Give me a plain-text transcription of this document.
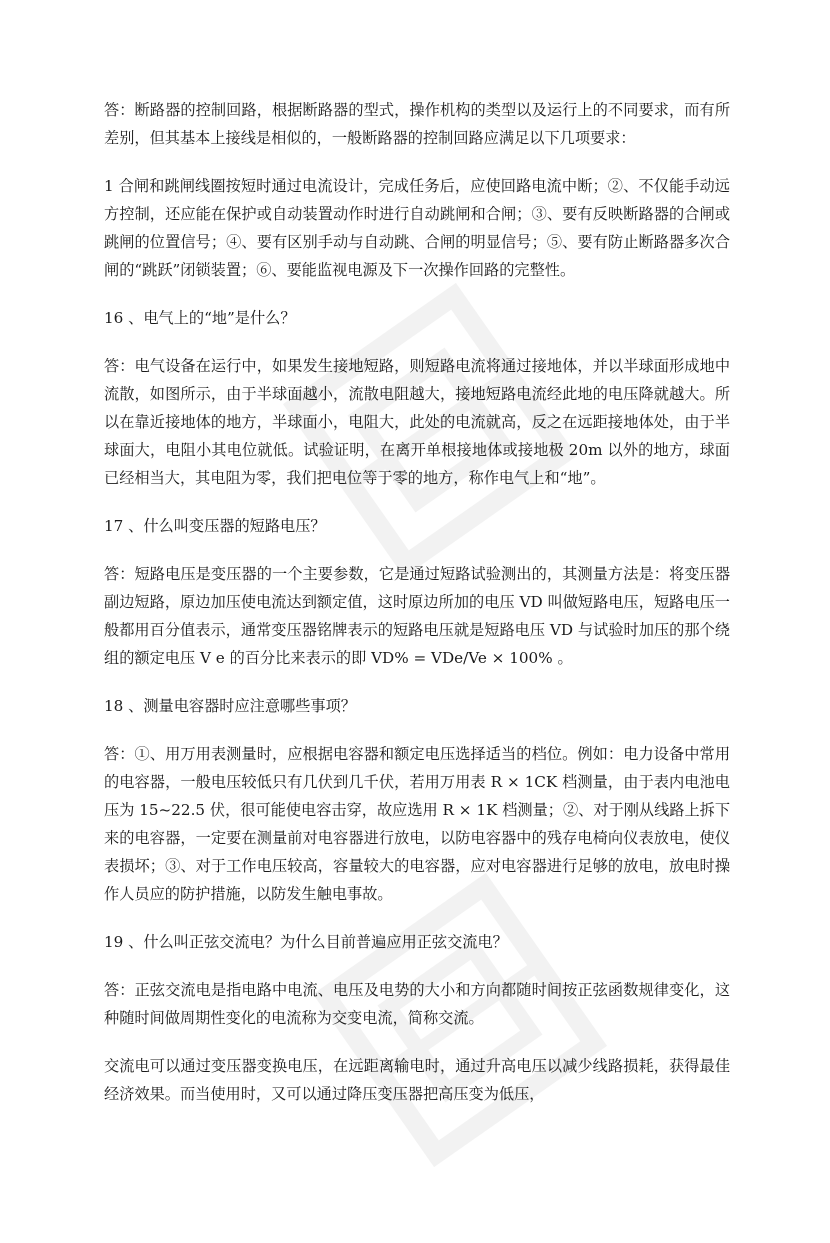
答：断路器的控制回路，根据断路器的型式，操作机构的类型以及运行上的不同要求，而有所差别，但其基本上接线是相似的，一般断路器的控制回路应满足以下几项要求：

1 合闸和跳闸线圈按短时通过电流设计，完成任务后，应使回路电流中断；②、不仅能手动远方控制，还应能在保护或自动装置动作时进行自动跳闸和合闸；③、要有反映断路器的合闸或跳闸的位置信号；④、要有区别手动与自动跳、合闸的明显信号；⑤、要有防止断路器多次合闸的“跳跃”闭锁装置；⑥、要能监视电源及下一次操作回路的完整性。

16 、电气上的“地”是什么？

答：电气设备在运行中，如果发生接地短路，则短路电流将通过接地体，并以半球面形成地中流散，如图所示，由于半球面越小，流散电阻越大，接地短路电流经此地的电压降就越大。所以在靠近接地体的地方，半球面小，电阻大，此处的电流就高，反之在远距接地体处，由于半球面大，电阻小其电位就低。试验证明，在离开单根接地体或接地极 20m 以外的地方，球面已经相当大，其电阻为零，我们把电位等于零的地方，称作电气上和“地”。

17 、什么叫变压器的短路电压？

答：短路电压是变压器的一个主要参数，它是通过短路试验测出的，其测量方法是：将变压器副边短路，原边加压使电流达到额定值，这时原边所加的电压 VD 叫做短路电压，短路电压一般都用百分值表示，通常变压器铭牌表示的短路电压就是短路电压 VD 与试验时加压的那个绕组的额定电压 V e 的百分比来表示的即 VD% = VDe/Ve × 100% 。

18 、测量电容器时应注意哪些事项？

答：①、用万用表测量时，应根据电容器和额定电压选择适当的档位。例如：电力设备中常用的电容器，一般电压较低只有几伏到几千伏，若用万用表 R × 1CK 档测量，由于表内电池电压为 15~22.5 伏，很可能使电容击穿，故应选用 R × 1K 档测量；②、对于刚从线路上拆下来的电容器，一定要在测量前对电容器进行放电，以防电容器中的残存电椅向仪表放电，使仪表损坏；③、对于工作电压较高，容量较大的电容器，应对电容器进行足够的放电，放电时操作人员应的防护措施，以防发生触电事故。

19 、什么叫正弦交流电？为什么目前普遍应用正弦交流电？

答：正弦交流电是指电路中电流、电压及电势的大小和方向都随时间按正弦函数规律变化，这种随时间做周期性变化的电流称为交变电流，简称交流。

交流电可以通过变压器变换电压，在远距离输电时，通过升高电压以减少线路损耗，获得最佳经济效果。而当使用时，又可以通过降压变压器把高压变为低压，
